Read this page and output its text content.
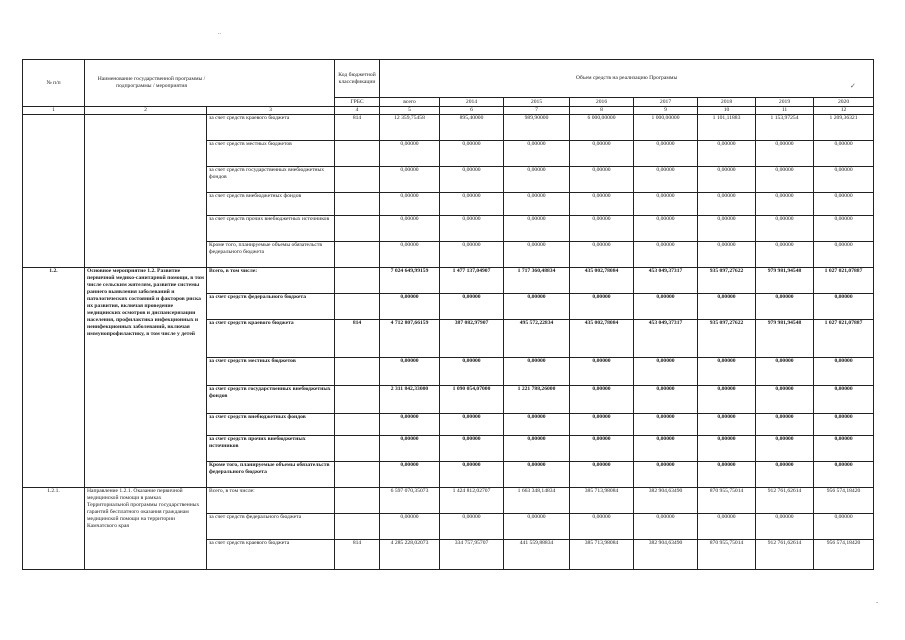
..
✓
-
№ п/п	Наименование государственной программы / подпрограммы / мероприятия		Код бюджетной классификации	Объем средств на реализацию Программы							
			ГРБС	всего	2014	2015	2016	2017	2018	2019	2020
1	2	3	4	5	6	7	8	9	10	11	12
		за счет средств краевого бюджета	814	12 359,75458	895,40000	989,90000	6 000,00000	1 000,00000	1 101,11883	1 153,97254	1 209,36321
		за счет средств местных бюджетов		0,00000	0,00000	0,00000	0,00000	0,00000	0,00000	0,00000	0,00000
		за счет средств государственных внебюджетных фондов		0,00000	0,00000	0,00000	0,00000	0,00000	0,00000	0,00000	0,00000
		за счет средств внебюджетных фондов		0,00000	0,00000	0,00000	0,00000	0,00000	0,00000	0,00000	0,00000
		за счет средств прочих внебюджетных источников		0,00000	0,00000	0,00000	0,00000	0,00000	0,00000	0,00000	0,00000
		Кроме того, планируемые объемы обязательств федерального бюджета		0,00000	0,00000	0,00000	0,00000	0,00000	0,00000	0,00000	0,00000
1.2.	Основное мероприятие 1.2. Развитие первичной медико-санитарной помощи, в том числе сельским жителям, развитие системы раннего выявления заболеваний и патологических состояний и факторов риска их развития, включая проведение медицинских осмотров и диспансеризации населения, профилактика инфекционных и неинфекционных заболеваний, включая иммунопрофилактику, в том числе у детей	Всего, в том числе:		7 024 649,99159	1 477 137,04907	1 717 360,48834	435 002,78084	453 049,37317	935 097,27622	979 981,94548	1 027 021,07887
		за счет средств федерального бюджета		0,00000	0,00000	0,00000	0,00000	0,00000	0,00000	0,00000	0,00000
		за счет средств краевого бюджета	814	4 712 807,66159	387 082,97907	495 572,22834	435 002,78084	453 049,37317	935 097,27622	979 981,94548	1 027 021,07887
		за счет средств местных бюджетов		0,00000	0,00000	0,00000	0,00000	0,00000	0,00000	0,00000	0,00000
		за счет средств государственных внебюджетных фондов		2 311 842,33000	1 090 054,07000	1 221 788,26000	0,00000	0,00000	0,00000	0,00000	0,00000
		за счет средств внебюджетных фондов		0,00000	0,00000	0,00000	0,00000	0,00000	0,00000	0,00000	0,00000
		за счет средств прочих внебюджетных источников		0,00000	0,00000	0,00000	0,00000	0,00000	0,00000	0,00000	0,00000
		Кроме того, планируемые объемы обязательств федерального бюджета		0,00000	0,00000	0,00000	0,00000	0,00000	0,00000	0,00000	0,00000
1.2.1.	Направление 1.2.1. Оказание первичной медицинской помощи в рамках Территориальной программы государственных гарантий бесплатного оказания гражданам медицинской помощи на территории Камчатского края	Всего, в том числе:		6 597 070,35073	1 424 812,02707	1 663 348,14834	385 713,98084	382 904,63490	870 955,75014	912 761,62614	956 574,18420
		за счет средств федерального бюджета		0,00000	0,00000	0,00000	0,00000	0,00000	0,00000	0,00000	0,00000
		за счет средств краевого бюджета	814	4 285 228,02073	334 757,95707	441 559,88834	385 713,98084	382 904,63490	870 955,75014	912 761,62614	956 574,18420
